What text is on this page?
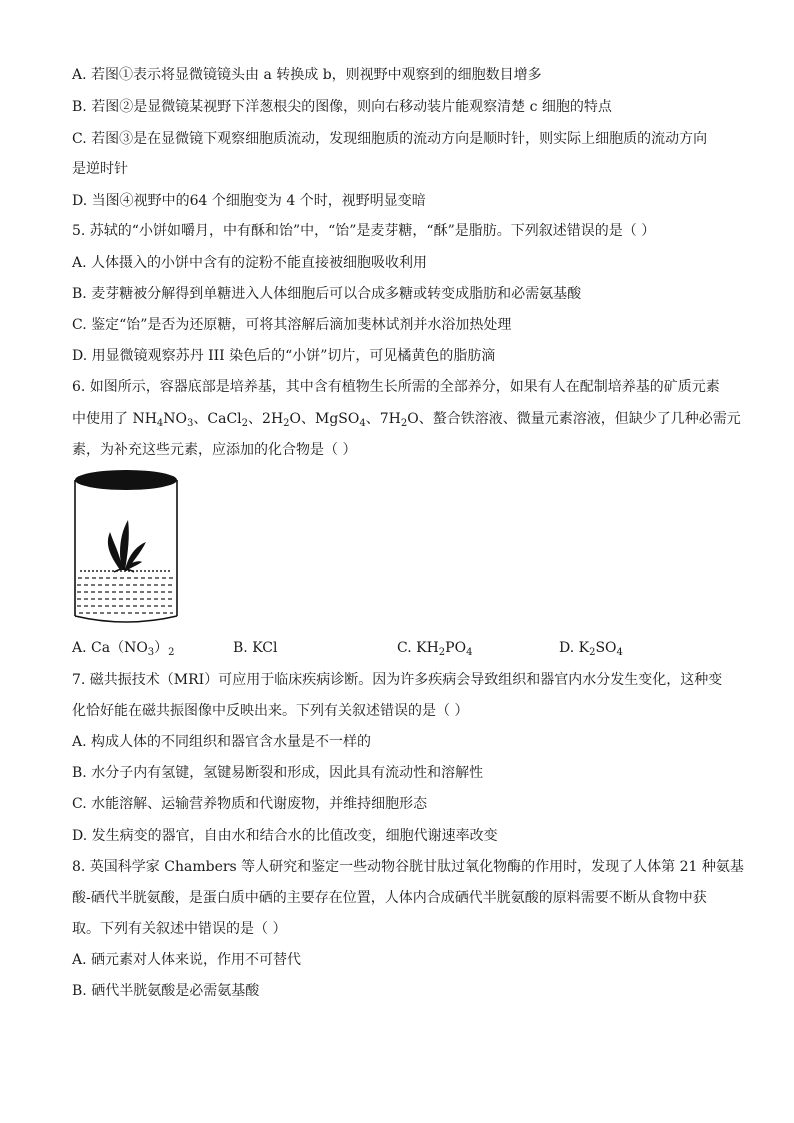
A. 若图①表示将显微镜镜头由 a 转换成 b，则视野中观察到的细胞数目增多
B. 若图②是显微镜某视野下洋葱根尖的图像，则向右移动装片能观察清楚 c 细胞的特点
C. 若图③是在显微镜下观察细胞质流动，发现细胞质的流动方向是顺时针，则实际上细胞质的流动方向
是逆时针
D. 当图④视野中的64 个细胞变为 4 个时，视野明显变暗
5. 苏轼的“小饼如嚼月，中有酥和饴”中，“饴”是麦芽糖，“酥”是脂肪。下列叙述错误的是（ ）
A. 人体摄入的小饼中含有的淀粉不能直接被细胞吸收利用
B. 麦芽糖被分解得到单糖进入人体细胞后可以合成多糖或转变成脂肪和必需氨基酸
C. 鉴定“饴”是否为还原糖，可将其溶解后滴加斐林试剂并水浴加热处理
D. 用显微镜观察苏丹 III 染色后的“小饼”切片，可见橘黄色的脂肪滴
6. 如图所示，容器底部是培养基，其中含有植物生长所需的全部养分，如果有人在配制培养基的矿质元素
中使用了 $NH_4NO_3$、CaCl$_2$、$2H_2O$、MgSO$_4$、$7H_2O$、螯合铁溶液、微量元素溶液，但缺少了几种必需元
素，为补充这些元素，应添加的化合物是（ ）
A. $Ca(NO_3)_2$	B. KCl	C. $KH_2PO_4$	D. $K_2SO_4$
7. 磁共振技术（MRI）可应用于临床疾病诊断。因为许多疾病会导致组织和器官内水分发生变化，这种变
化恰好能在磁共振图像中反映出来。下列有关叙述错误的是（ ）
A. 构成人体的不同组织和器官含水量是不一样的
B. 水分子内有氢键，氢键易断裂和形成，因此具有流动性和溶解性
C. 水能溶解、运输营养物质和代谢废物，并维持细胞形态
D. 发生病变的器官，自由水和结合水的比值改变，细胞代谢速率改变
8. 英国科学家 Chambers 等人研究和鉴定一些动物谷胱甘肽过氧化物酶的作用时，发现了人体第 21 种氨基
酸-硒代半胱氨酸，是蛋白质中硒的主要存在位置，人体内合成硒代半胱氨酸的原料需要不断从食物中获
取。下列有关叙述中错误的是（ ）
A. 硒元素对人体来说，作用不可替代
B. 硒代半胱氨酸是必需氨基酸
